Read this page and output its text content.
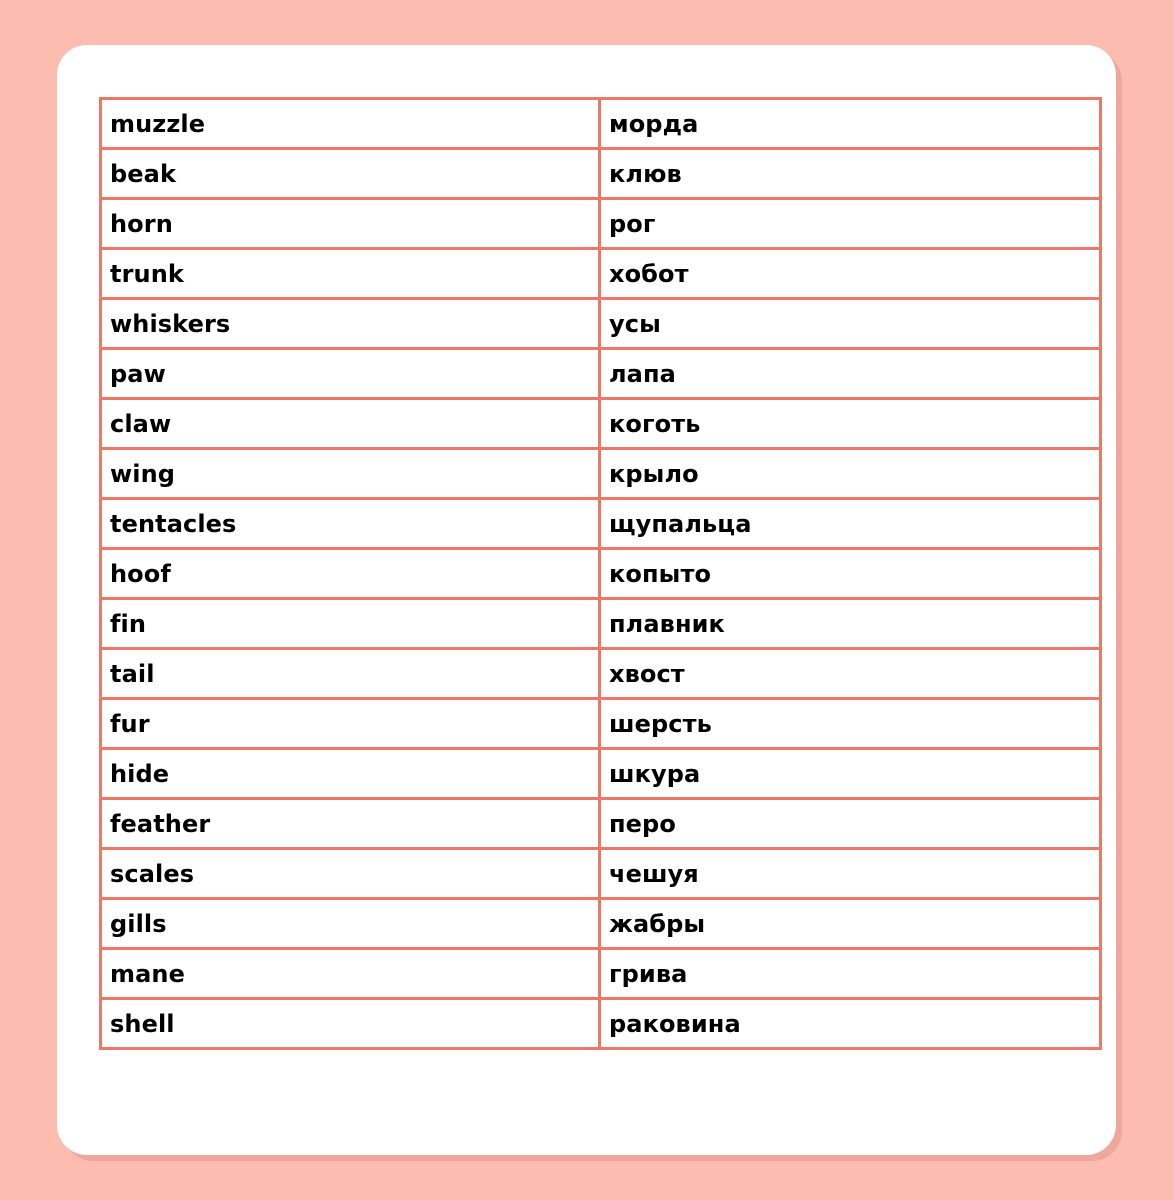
muzzle	морда
beak	клюв
horn	рог
trunk	хобот
whiskers	усы
paw	лапа
claw	коготь
wing	крыло
tentacles	щупальца
hoof	копыто
fin	плавник
tail	хвост
fur	шерсть
hide	шкура
feather	перо
scales	чешуя
gills	жабры
mane	грива
shell	раковина
